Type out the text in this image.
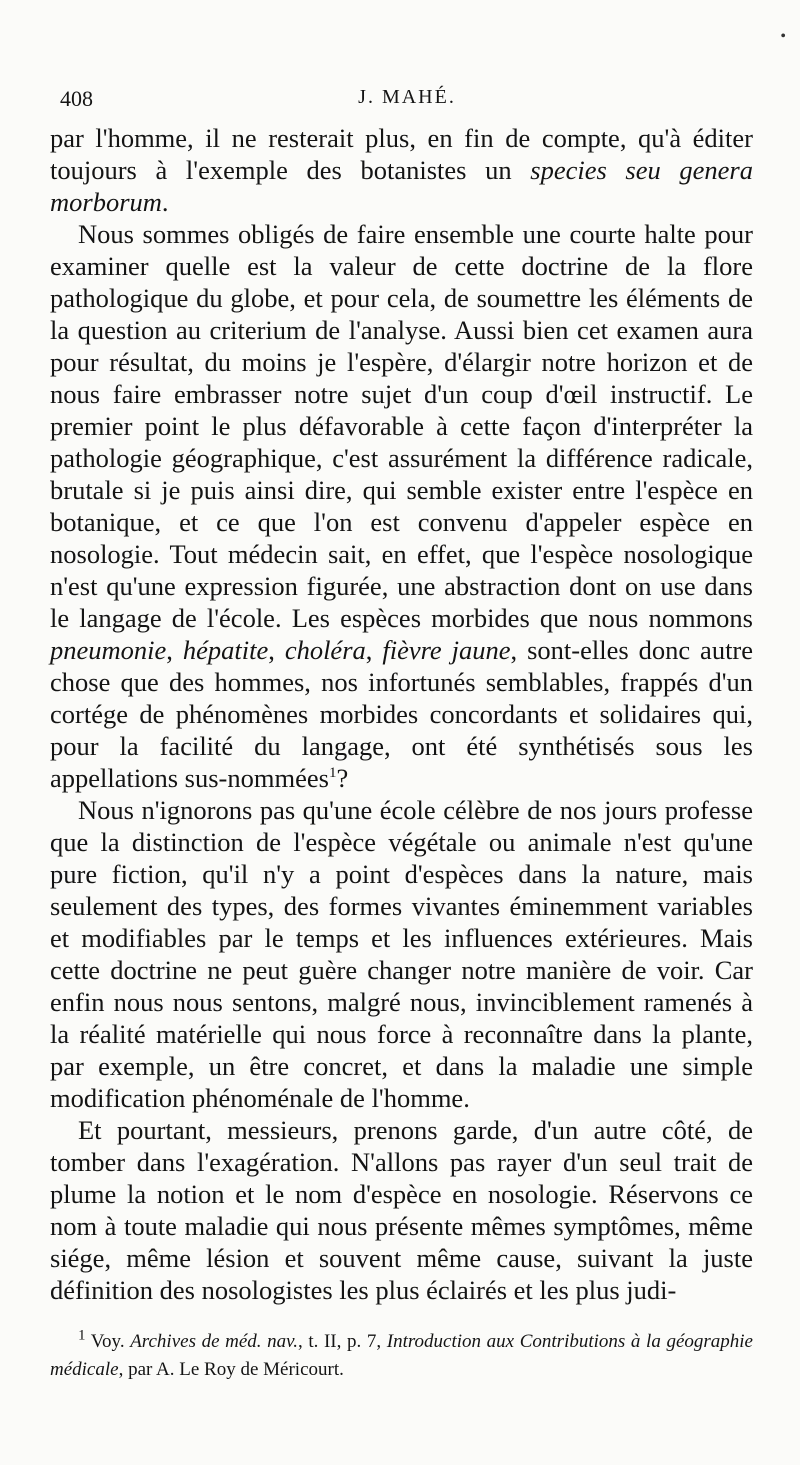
•
408	J. MAHÉ.

par l'homme, il ne resterait plus, en fin de compte, qu'à éditer toujours à l'exemple des botanistes un species seu genera morborum.

Nous sommes obligés de faire ensemble une courte halte pour examiner quelle est la valeur de cette doctrine de la flore pathologique du globe, et pour cela, de soumettre les éléments de la question au criterium de l'analyse. Aussi bien cet examen aura pour résultat, du moins je l'espère, d'élargir notre horizon et de nous faire embrasser notre sujet d'un coup d'œil instructif. Le premier point le plus défavorable à cette façon d'interpréter la pathologie géographique, c'est assurément la différence radicale, brutale si je puis ainsi dire, qui semble exister entre l'espèce en botanique, et ce que l'on est convenu d'appeler espèce en nosologie. Tout médecin sait, en effet, que l'espèce nosologique n'est qu'une expression figurée, une abstraction dont on use dans le langage de l'école. Les espèces morbides que nous nommons pneumonie, hépatite, choléra, fièvre jaune, sont-elles donc autre chose que des hommes, nos infortunés semblables, frappés d'un cortége de phénomènes morbides concordants et solidaires qui, pour la facilité du langage, ont été synthétisés sous les appellations sus-nommées$^1$?

Nous n'ignorons pas qu'une école célèbre de nos jours professe que la distinction de l'espèce végétale ou animale n'est qu'une pure fiction, qu'il n'y a point d'espèces dans la nature, mais seulement des types, des formes vivantes éminemment variables et modifiables par le temps et les influences extérieures. Mais cette doctrine ne peut guère changer notre manière de voir. Car enfin nous nous sentons, malgré nous, invinciblement ramenés à la réalité matérielle qui nous force à reconnaître dans la plante, par exemple, un être concret, et dans la maladie une simple modification phénoménale de l'homme.

Et pourtant, messieurs, prenons garde, d'un autre côté, de tomber dans l'exagération. N'allons pas rayer d'un seul trait de plume la notion et le nom d'espèce en nosologie. Réservons ce nom à toute maladie qui nous présente mêmes symptômes, même siége, même lésion et souvent même cause, suivant la juste définition des nosologistes les plus éclairés et les plus judi-

$^1$ Voy. Archives de méd. nav., t. II, p. 7, Introduction aux Contributions à la géographie médicale, par A. Le Roy de Méricourt.
